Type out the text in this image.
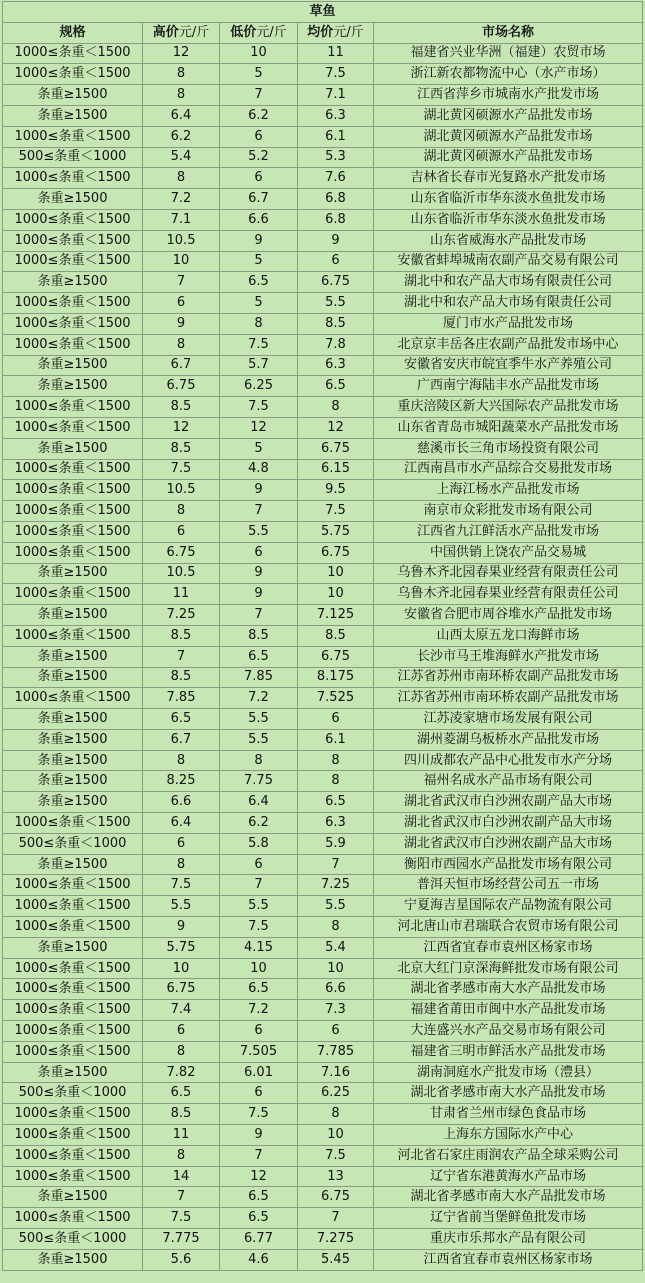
草鱼				
规格	高价元/斤	低价元/斤	均价元/斤	市场名称
1000≤条重＜1500	12	10	11	福建省兴业华洲（福建）农贸市场
1000≤条重＜1500	8	5	7.5	浙江新农都物流中心（水产市场）
条重≥1500	8	7	7.1	江西省萍乡市城南水产批发市场
条重≥1500	6.4	6.2	6.3	湖北黄冈硕源水产品批发市场
1000≤条重＜1500	6.2	6	6.1	湖北黄冈硕源水产品批发市场
500≤条重＜1000	5.4	5.2	5.3	湖北黄冈硕源水产品批发市场
1000≤条重＜1500	8	6	7.6	吉林省长春市光复路水产批发市场
条重≥1500	7.2	6.7	6.8	山东省临沂市华东淡水鱼批发市场
1000≤条重＜1500	7.1	6.6	6.8	山东省临沂市华东淡水鱼批发市场
1000≤条重＜1500	10.5	9	9	山东省威海水产品批发市场
1000≤条重＜1500	10	5	6	安徽省蚌埠城南农副产品交易有限公司
条重≥1500	7	6.5	6.75	湖北中和农产品大市场有限责任公司
1000≤条重＜1500	6	5	5.5	湖北中和农产品大市场有限责任公司
1000≤条重＜1500	9	8	8.5	厦门市水产品批发市场
1000≤条重＜1500	8	7.5	7.8	北京京丰岳各庄农副产品批发市场中心
条重≥1500	6.7	5.7	6.3	安徽省安庆市皖宜季牛水产养殖公司
条重≥1500	6.75	6.25	6.5	广西南宁海陆丰水产品批发市场
1000≤条重＜1500	8.5	7.5	8	重庆涪陵区新大兴国际农产品批发市场
1000≤条重＜1500	12	12	12	山东省青岛市城阳蔬菜水产品批发市场
条重≥1500	8.5	5	6.75	慈溪市长三角市场投资有限公司
1000≤条重＜1500	7.5	4.8	6.15	江西南昌市水产品综合交易批发市场
1000≤条重＜1500	10.5	9	9.5	上海江杨水产品批发市场
1000≤条重＜1500	8	7	7.5	南京市众彩批发市场有限公司
1000≤条重＜1500	6	5.5	5.75	江西省九江鲜活水产品批发市场
1000≤条重＜1500	6.75	6	6.75	中国供销上饶农产品交易城
条重≥1500	10.5	9	10	乌鲁木齐北园春果业经营有限责任公司
1000≤条重＜1500	11	9	10	乌鲁木齐北园春果业经营有限责任公司
条重≥1500	7.25	7	7.125	安徽省合肥市周谷堆水产品批发市场
1000≤条重＜1500	8.5	8.5	8.5	山西太原五龙口海鲜市场
条重≥1500	7	6.5	6.75	长沙市马王堆海鲜水产批发市场
条重≥1500	8.5	7.85	8.175	江苏省苏州市南环桥农副产品批发市场
1000≤条重＜1500	7.85	7.2	7.525	江苏省苏州市南环桥农副产品批发市场
条重≥1500	6.5	5.5	6	江苏凌家塘市场发展有限公司
条重≥1500	6.7	5.5	6.1	湖州菱湖乌板桥水产品批发市场
条重≥1500	8	8	8	四川成都农产品中心批发市水产分场
条重≥1500	8.25	7.75	8	福州名成水产品市场有限公司
条重≥1500	6.6	6.4	6.5	湖北省武汉市白沙洲农副产品大市场
1000≤条重＜1500	6.4	6.2	6.3	湖北省武汉市白沙洲农副产品大市场
500≤条重＜1000	6	5.8	5.9	湖北省武汉市白沙洲农副产品大市场
条重≥1500	8	6	7	衡阳市西园水产品批发市场有限公司
1000≤条重＜1500	7.5	7	7.25	普洱天恒市场经营公司五一市场
1000≤条重＜1500	5.5	5.5	5.5	宁夏海吉星国际农产品物流有限公司
1000≤条重＜1500	9	7.5	8	河北唐山市君瑞联合农贸市场有限公司
条重≥1500	5.75	4.15	5.4	江西省宜春市袁州区杨家市场
1000≤条重＜1500	10	10	10	北京大红门京深海鲜批发市场有限公司
1000≤条重＜1500	6.75	6.5	6.6	湖北省孝感市南大水产品批发市场
1000≤条重＜1500	7.4	7.2	7.3	福建省莆田市闽中水产品批发市场
1000≤条重＜1500	6	6	6	大连盛兴水产品交易市场有限公司
1000≤条重＜1500	8	7.505	7.785	福建省三明市鲜活水产品批发市场
条重≥1500	7.82	6.01	7.16	湖南洞庭水产批发市场（澧县）
500≤条重＜1000	6.5	6	6.25	湖北省孝感市南大水产品批发市场
1000≤条重＜1500	8.5	7.5	8	甘肃省兰州市绿色食品市场
1000≤条重＜1500	11	9	10	上海东方国际水产中心
1000≤条重＜1500	8	7	7.5	河北省石家庄雨润农产品全球采购公司
1000≤条重＜1500	14	12	13	辽宁省东港黄海水产品市场
条重≥1500	7	6.5	6.75	湖北省孝感市南大水产品批发市场
1000≤条重＜1500	7.5	6.5	7	辽宁省前当堡鲜鱼批发市场
500≤条重＜1000	7.775	6.77	7.275	重庆市乐邦水产品有限公司
条重≥1500	5.6	4.6	5.45	江西省宜春市袁州区杨家市场
